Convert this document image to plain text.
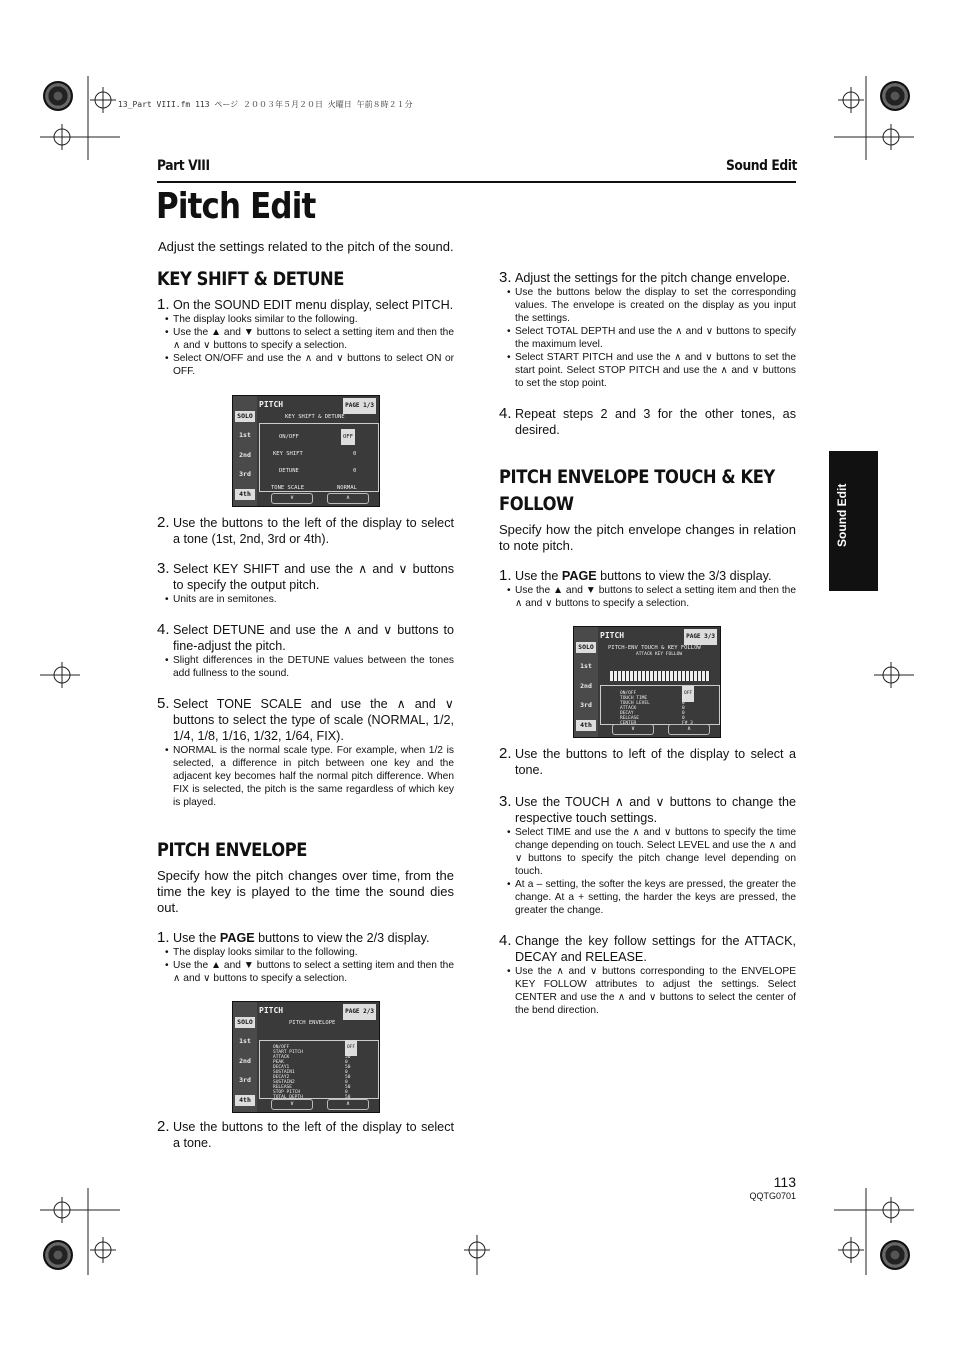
13_Part VIII.fm 113 ページ ２００３年５月２０日 火曜日 午前８時２１分
Part VIII	Sound Edit
Pitch Edit
Adjust the settings related to the pitch of the sound.
KEY SHIFT & DETUNE
1. On the SOUND EDIT menu display, select PITCH.
• The display looks similar to the following.
• Use the ▲ and ▼ buttons to select a setting item and then the ∧ and ∨ buttons to specify a selection.
• Select ON/OFF and use the ∧ and ∨ buttons to select ON or OFF.
SOLO
1st
2nd
3rd
4th
PITCH	PAGE 1/3
KEY SHIFT & DETUNE
ON/OFF	OFF
KEY SHIFT	0
DETUNE	0
TONE SCALE	NORMAL
∨	∧
2. Use the buttons to the left of the display to select a tone (1st, 2nd, 3rd or 4th).
3. Select KEY SHIFT and use the ∧ and ∨ buttons to specify the output pitch.
• Units are in semitones.
4. Select DETUNE and use the ∧ and ∨ buttons to fine-adjust the pitch.
• Slight differences in the DETUNE values between the tones add fullness to the sound.
5. Select TONE SCALE and use the ∧ and ∨ buttons to select the type of scale (NORMAL, 1/2, 1/4, 1/8, 1/16, 1/32, 1/64, FIX).
• NORMAL is the normal scale type. For example, when 1/2 is selected, a difference in pitch between one key and the adjacent key becomes half the normal pitch difference. When FIX is selected, the pitch is the same regardless of which key is played.
PITCH ENVELOPE
Specify how the pitch changes over time, from the time the key is played to the time the sound dies out.
1. Use the PAGE buttons to view the 2/3 display.
• The display looks similar to the following.
• Use the ▲ and ▼ buttons to select a setting item and then the ∧ and ∨ buttons to specify a selection.
SOLO
1st
2nd
3rd
4th
PITCH	PAGE 2/3
PITCH ENVELOPE
∨	∧
ON/OFF	OFF
START PITCH	0
ATTACK	50
PEAK	0
DECAY1	50
SUSTAIN1	0
DECAY2	50
SUSTAIN2	0
RELEASE	50
STOP PITCH	0
TOTAL DEPTH	50
2. Use the buttons to the left of the display to select a tone.
3. Adjust the settings for the pitch change envelope.
• Use the buttons below the display to set the corresponding values. The envelope is created on the display as you input the settings.
• Select TOTAL DEPTH and use the ∧ and ∨ buttons to specify the maximum level.
• Select START PITCH and use the ∧ and ∨ buttons to set the start point. Select STOP PITCH and use the ∧ and ∨ buttons to set the stop point.
4. Repeat steps 2 and 3 for the other tones, as desired.
PITCH ENVELOPE TOUCH & KEY
FOLLOW
Specify how the pitch envelope changes in relation to note pitch.
1. Use the PAGE buttons to view the 3/3 display.
• Use the ▲ and ▼ buttons to select a setting item and then the ∧ and ∨ buttons to specify a selection.
SOLO
1st
2nd
3rd
4th
PITCH	PAGE 3/3
PITCH-ENV TOUCH & KEY FOLLOW
ATTACK KEY FOLLOW
∨	∧
ON/OFF	OFF
TOUCH TIME	0
TOUCH LEVEL	0
ATTACK	0
DECAY	0
RELEASE	0
CENTER	F# 3
2. Use the buttons to left of the display to select a tone.
3. Use the TOUCH ∧ and ∨ buttons to change the respective touch settings.
• Select TIME and use the ∧ and ∨ buttons to specify the time change depending on touch. Select LEVEL and use the ∧ and ∨ buttons to specify the pitch change level depending on touch.
• At a – setting, the softer the keys are pressed, the greater the change. At a + setting, the harder the keys are pressed, the greater the change.
4. Change the key follow settings for the ATTACK, DECAY and RELEASE.
• Use the ∧ and ∨ buttons corresponding to the ENVELOPE KEY FOLLOW attributes to adjust the settings. Select CENTER and use the ∧ and ∨ buttons to select the center of the bend direction.
Sound Edit
113
QQTG0701
